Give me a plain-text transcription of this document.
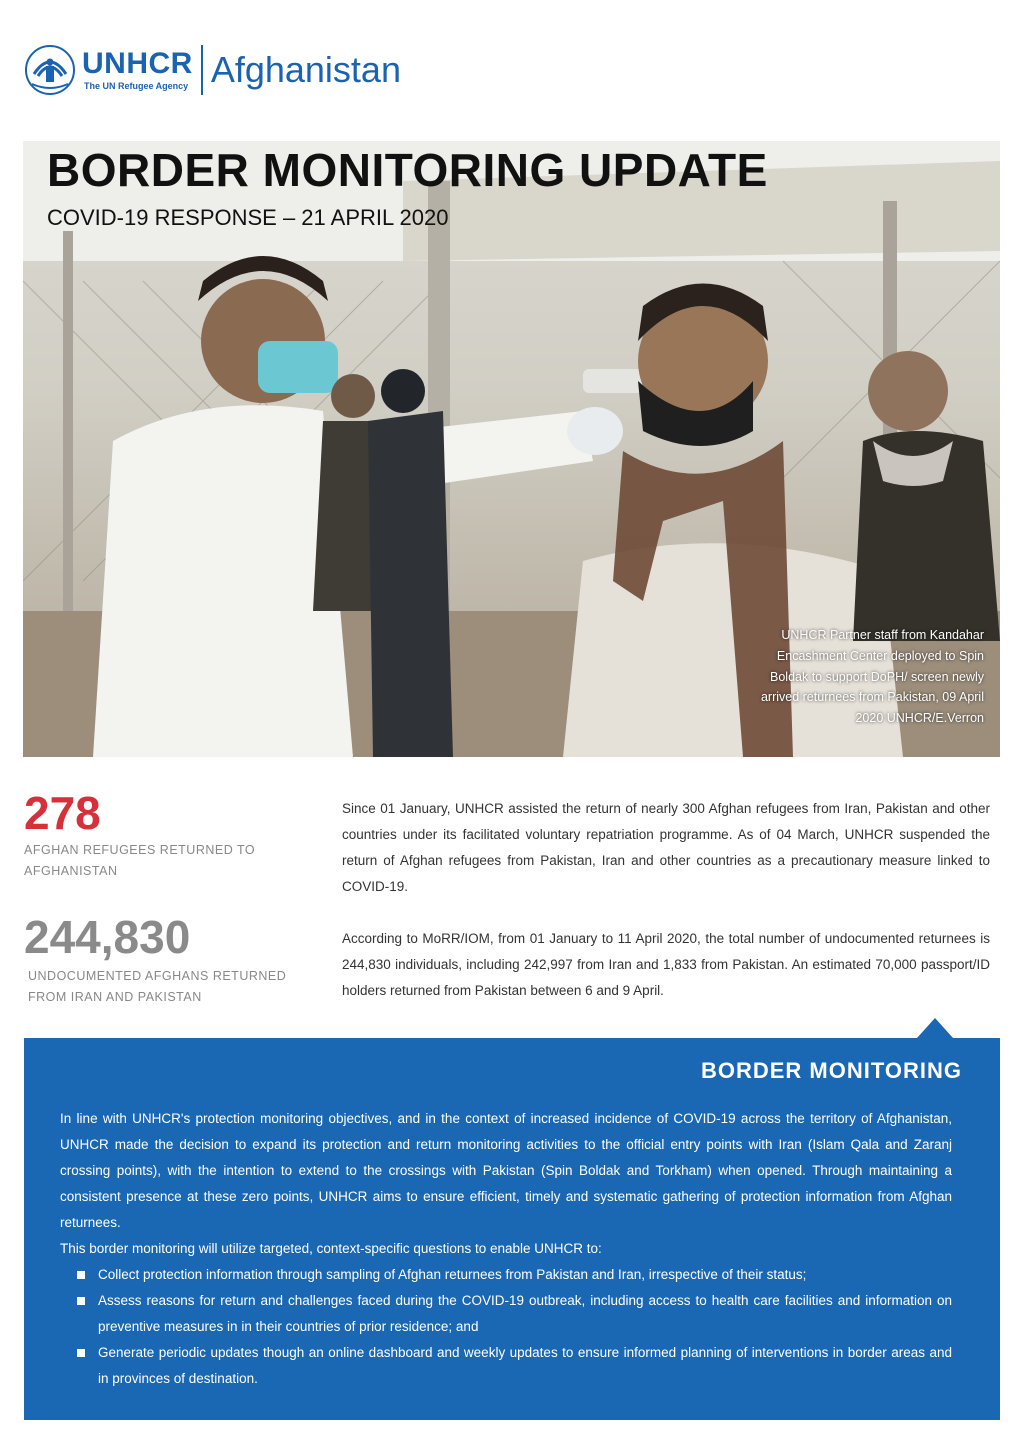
UNHCR
The UN Refugee Agency Afghanistan
BORDER MONITORING UPDATE

COVID-19 RESPONSE – 21 APRIL 2020

UNHCR Partner staff from Kandahar Encashment Center deployed to Spin Boldak to support DoPH/ screen newly arrived returnees from Pakistan, 09 April 2020 UNHCR/E.Verron
278
AFGHAN REFUGEES RETURNED TO AFGHANISTAN
244,830
UNDOCUMENTED AFGHANS RETURNED FROM IRAN AND PAKISTAN

Since 01 January, UNHCR assisted the return of nearly 300 Afghan refugees from Iran, Pakistan and other countries under its facilitated voluntary repatriation programme. As of 04 March, UNHCR suspended the return of Afghan refugees from Pakistan, Iran and other countries as a precautionary measure linked to COVID-19.

According to MoRR/IOM, from 01 January to 11 April 2020, the total number of undocumented returnees is 244,830 individuals, including 242,997 from Iran and 1,833 from Pakistan. An estimated 70,000 passport/ID holders returned from Pakistan between 6 and 9 April.

BORDER MONITORING

In line with UNHCR's protection monitoring objectives, and in the context of increased incidence of COVID-19 across the territory of Afghanistan, UNHCR made the decision to expand its protection and return monitoring activities to the official entry points with Iran (Islam Qala and Zaranj crossing points), with the intention to extend to the crossings with Pakistan (Spin Boldak and Torkham) when opened. Through maintaining a consistent presence at these zero points, UNHCR aims to ensure efficient, timely and systematic gathering of protection information from Afghan returnees.

This border monitoring will utilize targeted, context-specific questions to enable UNHCR to:

Collect protection information through sampling of Afghan returnees from Pakistan and Iran, irrespective of their status;
Assess reasons for return and challenges faced during the COVID-19 outbreak, including access to health care facilities and information on preventive measures in in their countries of prior residence; and
Generate periodic updates though an online dashboard and weekly updates to ensure informed planning of interventions in border areas and in provinces of destination.
